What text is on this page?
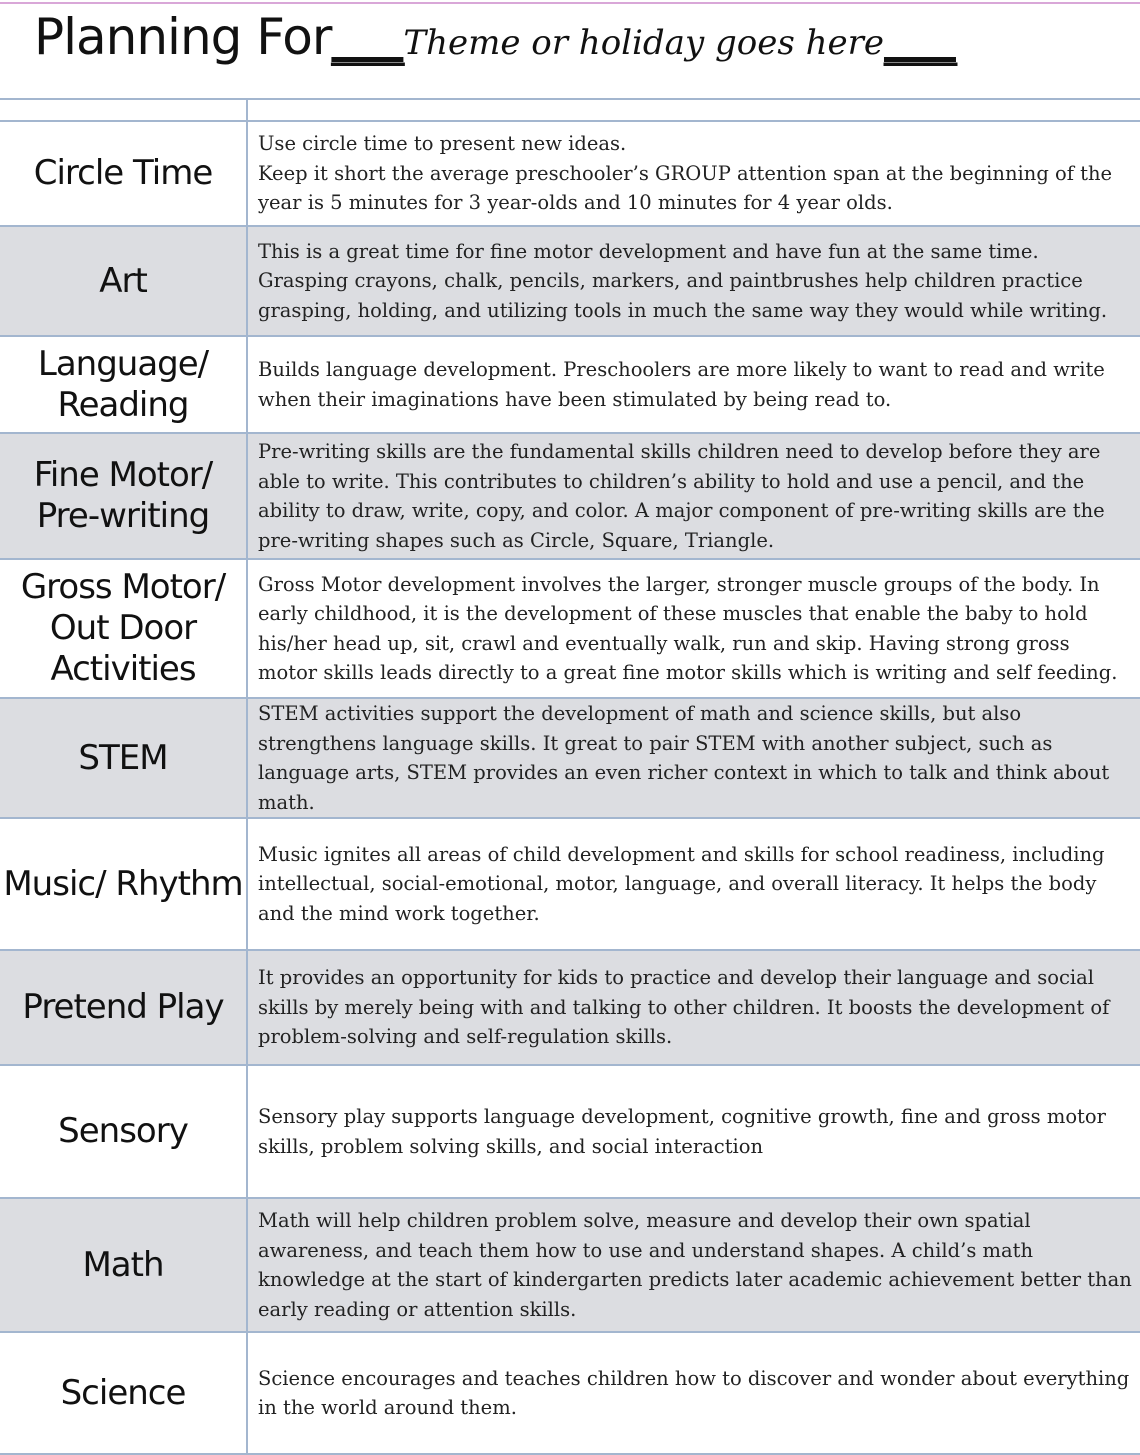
Planning For___Theme or holiday goes here___

Circle Time	Use circle time to present new ideas.
Keep it short the average preschooler’s GROUP attention span at the beginning of the year is 5 minutes for 3 year-olds and 10 minutes for 4 year olds.
Art	This is a great time for fine motor development and have fun at the same time. Grasping crayons, chalk, pencils, markers, and paintbrushes help children practice grasping, holding, and utilizing tools in much the same way they would while writing.
Language/ Reading	Builds language development. Preschoolers are more likely to want to read and write when their imaginations have been stimulated by being read to.
Fine Motor/ Pre-writing	Pre-writing skills are the fundamental skills children need to develop before they are able to write. This contributes to children’s ability to hold and use a pencil, and the ability to draw, write, copy, and color. A major component of pre-writing skills are the pre-writing shapes such as Circle, Square, Triangle.
Gross Motor/ Out Door Activities	Gross Motor development involves the larger, stronger muscle groups of the body. In early childhood, it is the development of these muscles that enable the baby to hold his/her head up, sit, crawl and eventually walk, run and skip. Having strong gross motor skills leads directly to a great fine motor skills which is writing and self feeding.
STEM	STEM activities support the development of math and science skills, but also strengthens language skills. It great to pair STEM with another subject, such as language arts, STEM provides an even richer context in which to talk and think about math.
Music/ Rhythm	Music ignites all areas of child development and skills for school readiness, including intellectual, social-emotional, motor, language, and overall literacy. It helps the body and the mind work together.
Pretend Play	It provides an opportunity for kids to practice and develop their language and social skills by merely being with and talking to other children. It boosts the development of problem-solving and self-regulation skills.
Sensory	Sensory play supports language development, cognitive growth, fine and gross motor skills, problem solving skills, and social interaction
Math	Math will help children problem solve, measure and develop their own spatial awareness, and teach them how to use and understand shapes. A child’s math knowledge at the start of kindergarten predicts later academic achievement better than early reading or attention skills.
Science	Science encourages and teaches children how to discover and wonder about everything in the world around them.
